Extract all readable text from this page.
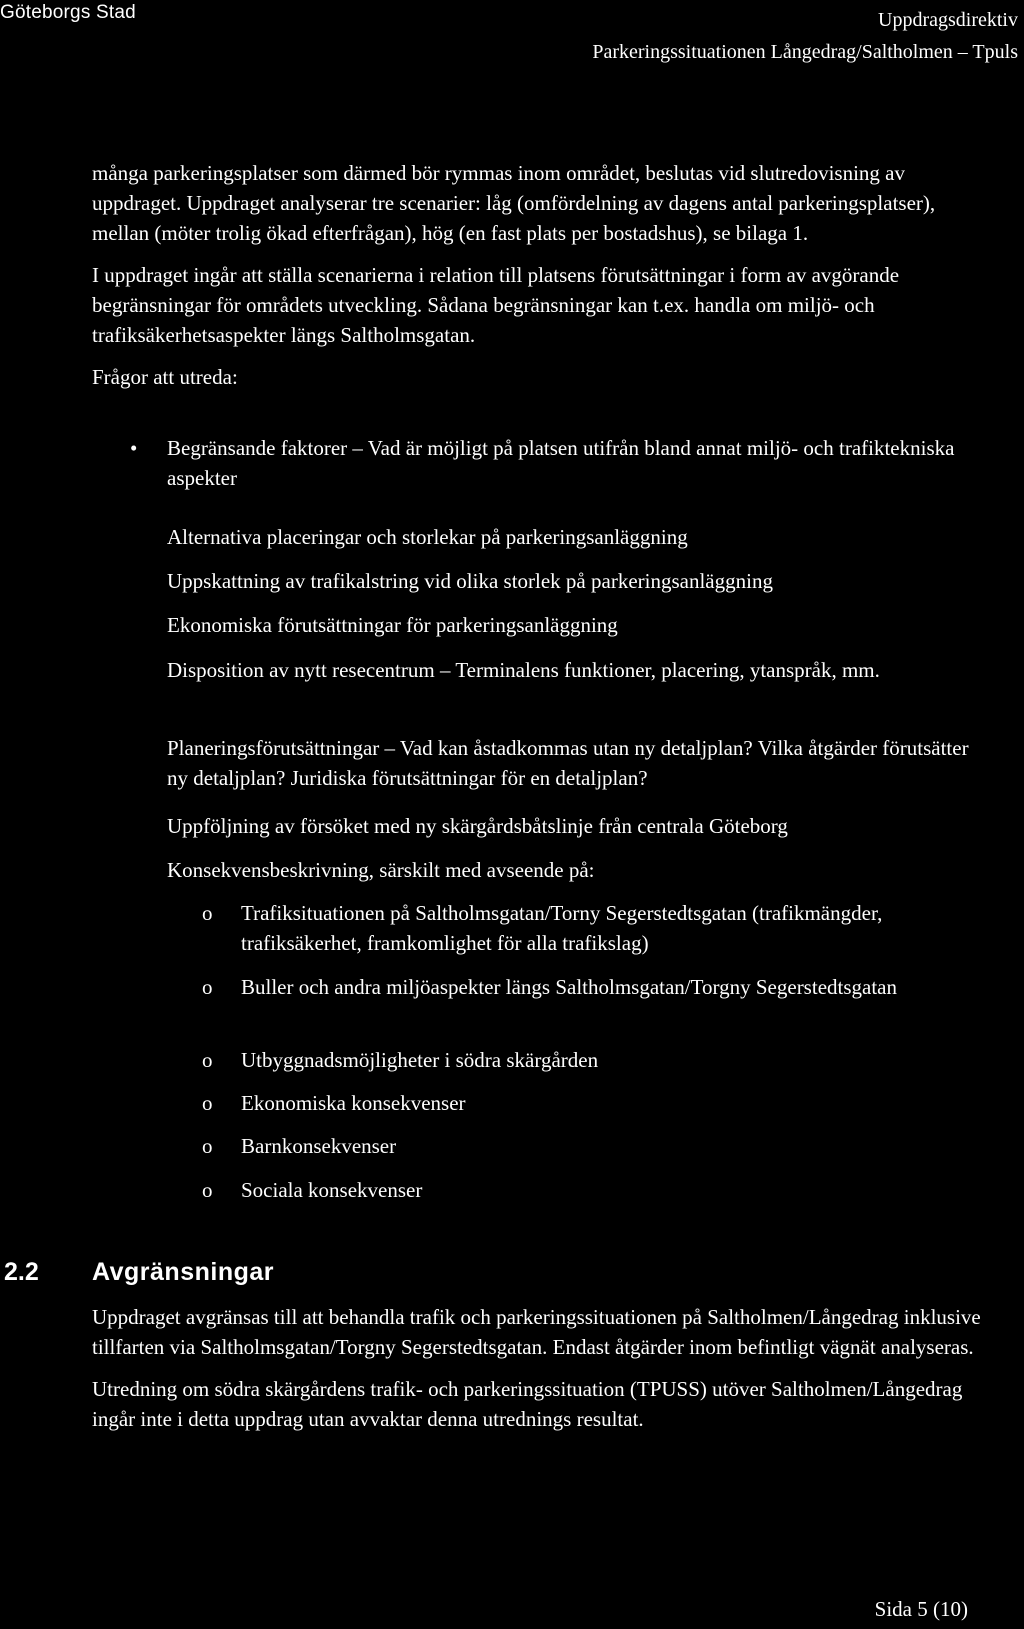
Göteborgs Stad	Uppdragsdirektiv
Parkeringssituationen Långedrag/Saltholmen – Tpuls

många parkeringsplatser som därmed bör rymmas inom området, beslutas vid slutredovisning av uppdraget. Uppdraget analyserar tre scenarier: låg (omfördelning av dagens antal parkeringsplatser), mellan (möter trolig ökad efterfrågan), hög (en fast plats per bostadshus), se bilaga 1.

I uppdraget ingår att ställa scenarierna i relation till platsens förutsättningar i form av avgörande begränsningar för områdets utveckling. Sådana begränsningar kan t.ex. handla om miljö- och trafiksäkerhetsaspekter längs Saltholmsgatan.

Frågor att utreda:

• Begränsande faktorer – Vad är möjligt på platsen utifrån bland annat miljö- och trafiktekniska aspekter
Alternativa placeringar och storlekar på parkeringsanläggning
Uppskattning av trafikalstring vid olika storlek på parkeringsanläggning
Ekonomiska förutsättningar för parkeringsanläggning
Disposition av nytt resecentrum – Terminalens funktioner, placering, ytanspråk, mm.
Planeringsförutsättningar – Vad kan åstadkommas utan ny detaljplan? Vilka åtgärder förutsätter ny detaljplan? Juridiska förutsättningar för en detaljplan?
Uppföljning av försöket med ny skärgårdsbåtslinje från centrala Göteborg
Konsekvensbeskrivning, särskilt med avseende på:
o Trafiksituationen på Saltholmsgatan/Torny Segerstedtsgatan (trafikmängder, trafiksäkerhet, framkomlighet för alla trafikslag)
o Buller och andra miljöaspekter längs Saltholmsgatan/Torgny Segerstedtsgatan
o Utbyggnadsmöjligheter i södra skärgården
o Ekonomiska konsekvenser
o Barnkonsekvenser
o Sociala konsekvenser
2.2 Avgränsningar

Uppdraget avgränsas till att behandla trafik och parkeringssituationen på Saltholmen/Långedrag inklusive tillfarten via Saltholmsgatan/Torgny Segerstedtsgatan. Endast åtgärder inom befintligt vägnät analyseras.

Utredning om södra skärgårdens trafik- och parkeringssituation (TPUSS) utöver Saltholmen/Långedrag ingår inte i detta uppdrag utan avvaktar denna utrednings resultat.

Sida 5 (10)
